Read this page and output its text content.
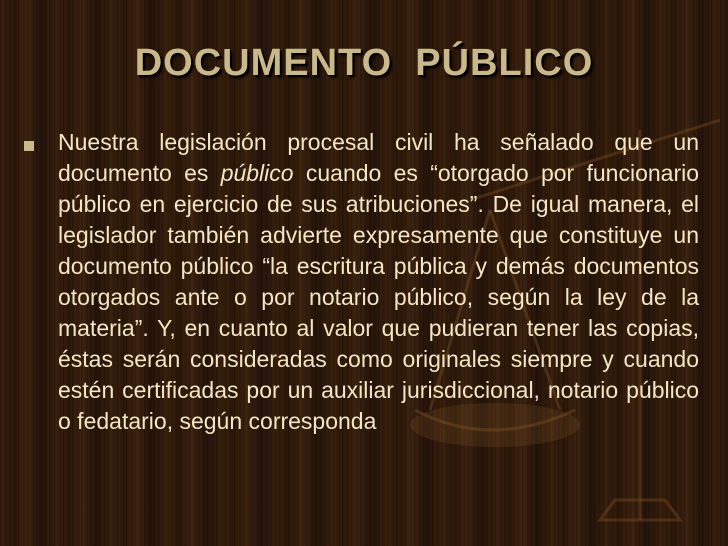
DOCUMENTO  PÚBLICO
Nuestra legislación procesal civil ha señalado que un documento es público cuando es “otorgado por funcionario público en ejercicio de sus atribuciones”. De igual manera, el legislador también advierte expresamente que constituye un documento público “la escritura pública y demás documentos otorgados ante o por notario público, según la ley de la materia”. Y, en cuanto al valor que pudieran tener las copias, éstas serán consideradas como originales siempre y cuando estén certificadas por un auxiliar jurisdiccional, notario público o fedatario, según corresponda
